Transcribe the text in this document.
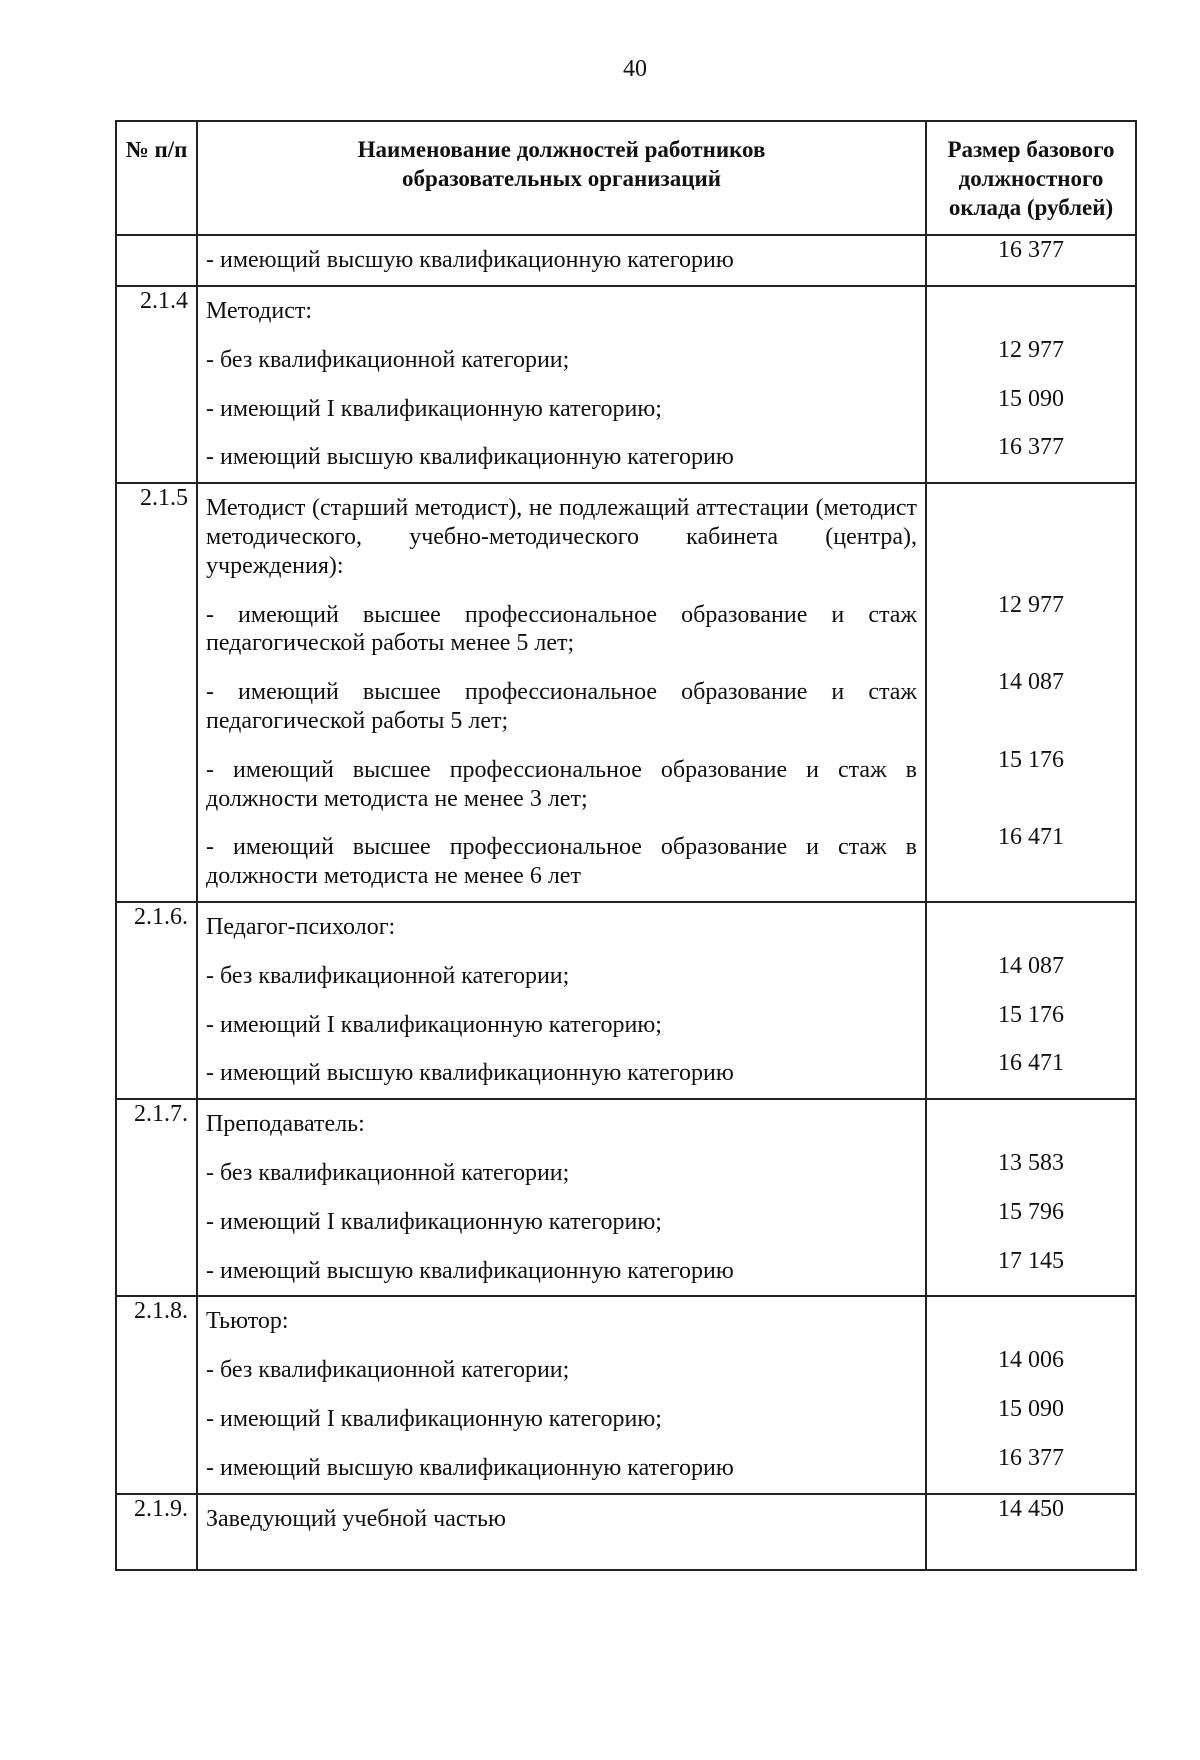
40
№ п/п	Наименование должностей работников образовательных организаций	Размер базового должностного оклада (рублей)

	- имеющий высшую квалификационную категорию	16 377

2.1.4	Методист:	

	- без квалификационной категории;	12 977

	- имеющий I квалификационную категорию;	15 090

	- имеющий высшую квалификационную категорию	16 377
2.1.5	Методист (старший методист), не подлежащий аттестации (методист методического, учебно-методического кабинета (центра), учреждения):	

	- имеющий высшее профессиональное образование и стаж педагогической работы менее 5 лет;	12 977

	- имеющий высшее профессиональное образование и стаж педагогической работы 5 лет;	14 087

	- имеющий высшее профессиональное образование и стаж в должности методиста не менее 3 лет;	15 176

	- имеющий высшее профессиональное образование и стаж в должности методиста не менее 6 лет	16 471
2.1.6.	Педагог-психолог:	

	- без квалификационной категории;	14 087

	- имеющий I квалификационную категорию;	15 176

	- имеющий высшую квалификационную категорию	16 471
2.1.7.	Преподаватель:	

	- без квалификационной категории;	13 583

	- имеющий I квалификационную категорию;	15 796

	- имеющий высшую квалификационную категорию	17 145
2.1.8.	Тьютор:	

	- без квалификационной категории;	14 006

	- имеющий I квалификационную категорию;	15 090

	- имеющий высшую квалификационную категорию	16 377
2.1.9.	Заведующий учебной частью	14 450
